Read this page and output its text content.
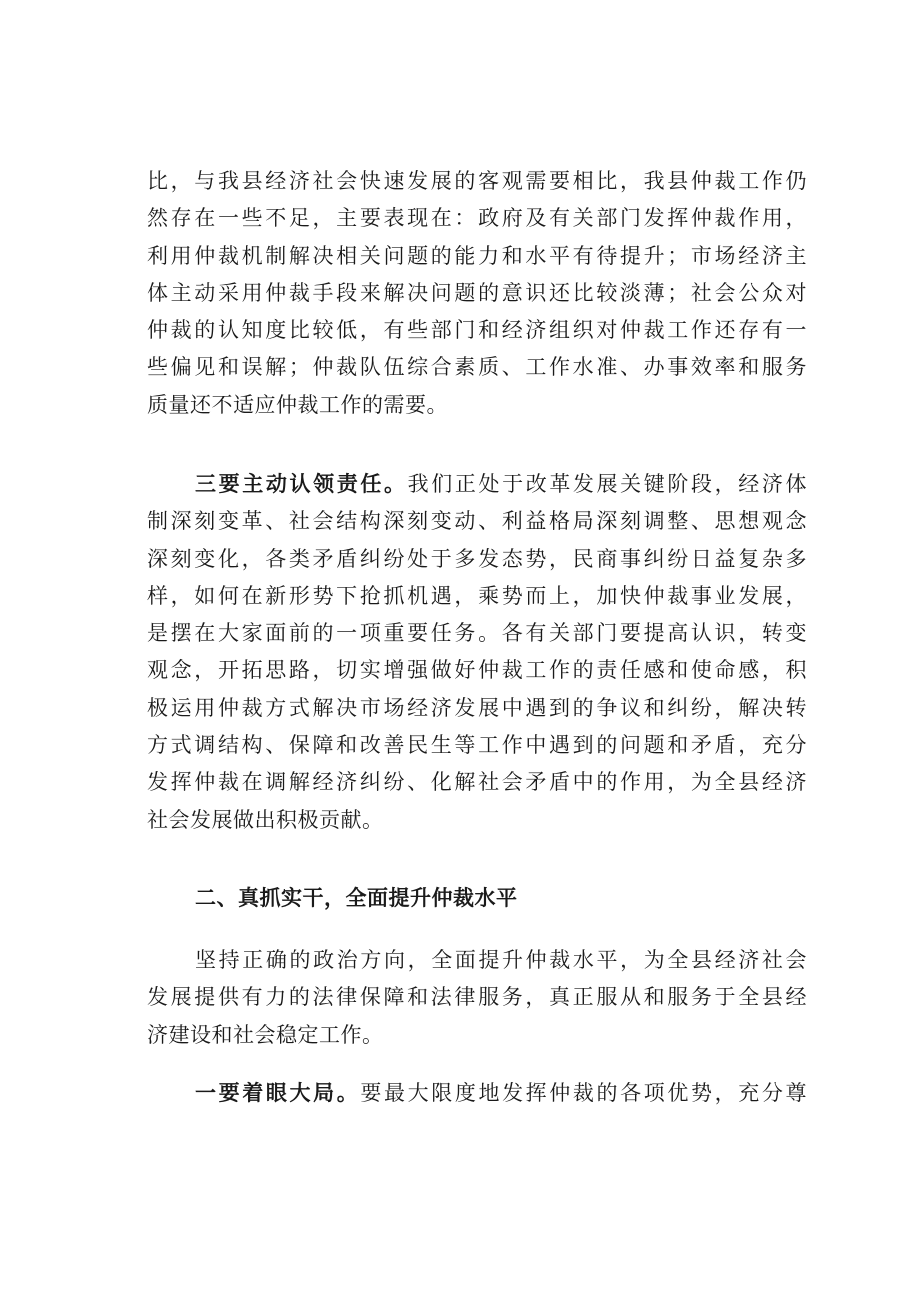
比，与我县经济社会快速发展的客观需要相比，我县仲裁工作仍
然存在一些不足，主要表现在：政府及有关部门发挥仲裁作用，
利用仲裁机制解决相关问题的能力和水平有待提升；市场经济主
体主动采用仲裁手段来解决问题的意识还比较淡薄；社会公众对
仲裁的认知度比较低，有些部门和经济组织对仲裁工作还存有一
些偏见和误解；仲裁队伍综合素质、工作水准、办事效率和服务
质量还不适应仲裁工作的需要。
三要主动认领责任。我们正处于改革发展关键阶段，经济体
制深刻变革、社会结构深刻变动、利益格局深刻调整、思想观念
深刻变化，各类矛盾纠纷处于多发态势，民商事纠纷日益复杂多
样，如何在新形势下抢抓机遇，乘势而上，加快仲裁事业发展，
是摆在大家面前的一项重要任务。各有关部门要提高认识，转变
观念，开拓思路，切实增强做好仲裁工作的责任感和使命感，积
极运用仲裁方式解决市场经济发展中遇到的争议和纠纷，解决转
方式调结构、保障和改善民生等工作中遇到的问题和矛盾，充分
发挥仲裁在调解经济纠纷、化解社会矛盾中的作用，为全县经济
社会发展做出积极贡献。
二、真抓实干，全面提升仲裁水平
坚持正确的政治方向，全面提升仲裁水平，为全县经济社会
发展提供有力的法律保障和法律服务，真正服从和服务于全县经
济建设和社会稳定工作。
一要着眼大局。要最大限度地发挥仲裁的各项优势，充分尊
